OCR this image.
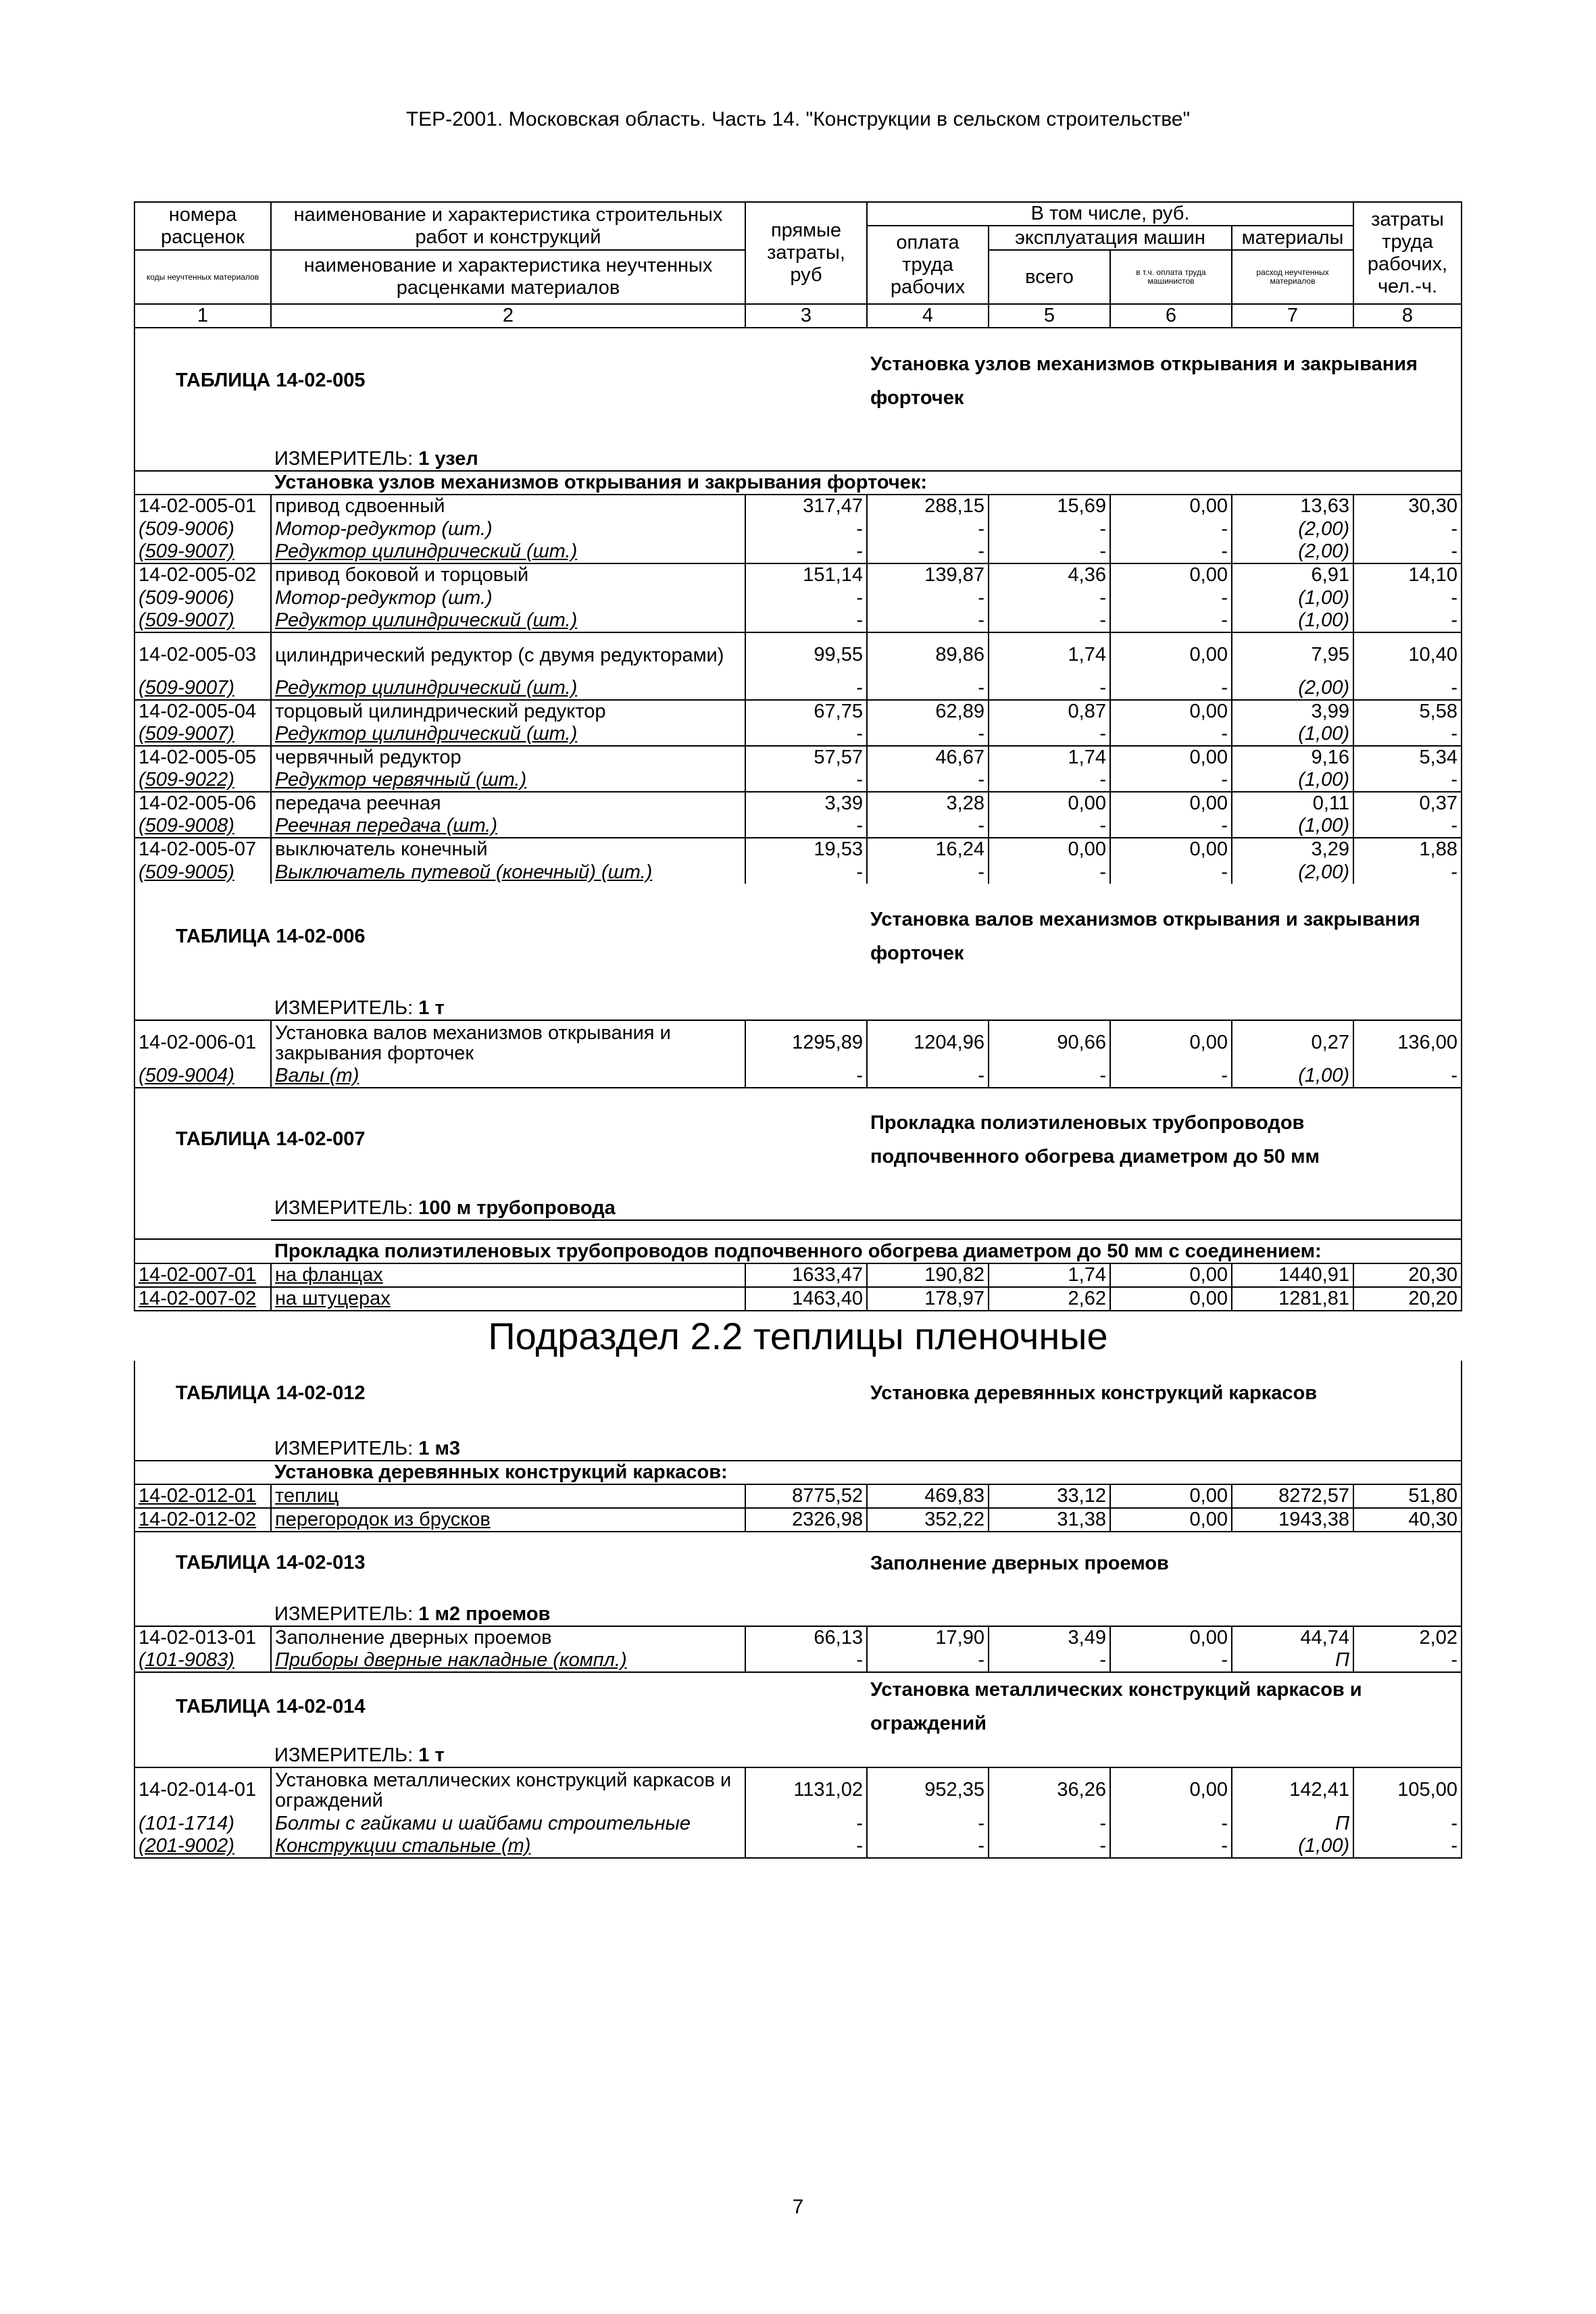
ТЕР-2001. Московская область. Часть 14. "Конструкции в сельском строительстве"
номера расценок	наименование и характеристика строительных работ и конструкций	прямые затраты, руб	В том числе, руб.				затраты труда рабочих, чел.-ч.
			оплата труда рабочих	эксплуатация машин		материалы	
коды неучтенных материалов	наименование и характеристика неучтенных расценками материалов			всего	в т.ч. оплата труда машинистов	расход неучтенных материалов	

1	2	3	4	5	6	7	8
ТАБЛИЦА 14-02-005			Установка узлов механизмов открывания и закрывания форточек				
	ИЗМЕРИТЕЛЬ: 1 узел						
	Установка узлов механизмов открывания и закрывания форточек:						
14-02-005-01	привод сдвоенный	317,47	288,15	15,69	0,00	13,63	30,30
(509-9006)	Мотор-редуктор (шт.)	-	-	-	-	(2,00)	-
(509-9007)	Редуктор цилиндрический (шт.)	-	-	-	-	(2,00)	-
14-02-005-02	привод боковой и торцовый	151,14	139,87	4,36	0,00	6,91	14,10
(509-9006)	Мотор-редуктор (шт.)	-	-	-	-	(1,00)	-
(509-9007)	Редуктор цилиндрический (шт.)	-	-	-	-	(1,00)	-
14-02-005-03	цилиндрический редуктор (с двумя редукторами)	99,55	89,86	1,74	0,00	7,95	10,40
(509-9007)	Редуктор цилиндрический (шт.)	-	-	-	-	(2,00)	-
14-02-005-04	торцовый цилиндрический редуктор	67,75	62,89	0,87	0,00	3,99	5,58
(509-9007)	Редуктор цилиндрический (шт.)	-	-	-	-	(1,00)	-
14-02-005-05	червячный редуктор	57,57	46,67	1,74	0,00	9,16	5,34
(509-9022)	Редуктор червячный (шт.)	-	-	-	-	(1,00)	-
14-02-005-06	передача реечная	3,39	3,28	0,00	0,00	0,11	0,37
(509-9008)	Реечная передача (шт.)	-	-	-	-	(1,00)	-
14-02-005-07	выключатель конечный	19,53	16,24	0,00	0,00	3,29	1,88
(509-9005)	Выключатель путевой (конечный) (шт.)	-	-	-	-	(2,00)	-
ТАБЛИЦА 14-02-006			Установка валов механизмов открывания и закрывания форточек				
	ИЗМЕРИТЕЛЬ: 1 т						
14-02-006-01	Установка валов механизмов открывания и закрывания форточек	1295,89	1204,96	90,66	0,00	0,27	136,00
(509-9004)	Валы (т)	-	-	-	-	(1,00)	-
ТАБЛИЦА 14-02-007			Прокладка полиэтиленовых трубопроводов подпочвенного обогрева диаметром до 50 мм				
	ИЗМЕРИТЕЛЬ: 100 м трубопровода						

	Прокладка полиэтиленовых трубопроводов подпочвенного обогрева диаметром до 50 мм с соединением:						
14-02-007-01	на фланцах	1633,47	190,82	1,74	0,00	1440,91	20,30
14-02-007-02	на штуцерах	1463,40	178,97	2,62	0,00	1281,81	20,20
Подраздел 2.2 теплицы пленочные							
ТАБЛИЦА 14-02-012			Установка деревянных конструкций каркасов				
	ИЗМЕРИТЕЛЬ: 1 м3						
	Установка деревянных конструкций каркасов:						
14-02-012-01	теплиц	8775,52	469,83	33,12	0,00	8272,57	51,80
14-02-012-02	перегородок из брусков	2326,98	352,22	31,38	0,00	1943,38	40,30
ТАБЛИЦА 14-02-013			Заполнение дверных проемов				
	ИЗМЕРИТЕЛЬ: 1 м2 проемов						
14-02-013-01	Заполнение дверных проемов	66,13	17,90	3,49	0,00	44,74	2,02
(101-9083)	Приборы дверные накладные (компл.)	-	-	-	-	П	-
ТАБЛИЦА 14-02-014			Установка металлических конструкций каркасов и ограждений				
	ИЗМЕРИТЕЛЬ: 1 т						
14-02-014-01	Установка металлических конструкций каркасов и ограждений	1131,02	952,35	36,26	0,00	142,41	105,00
(101-1714)	Болты с гайками и шайбами строительные	-	-	-	-	П	-
(201-9002)	Конструкции стальные (т)	-	-	-	-	(1,00)	-
7
